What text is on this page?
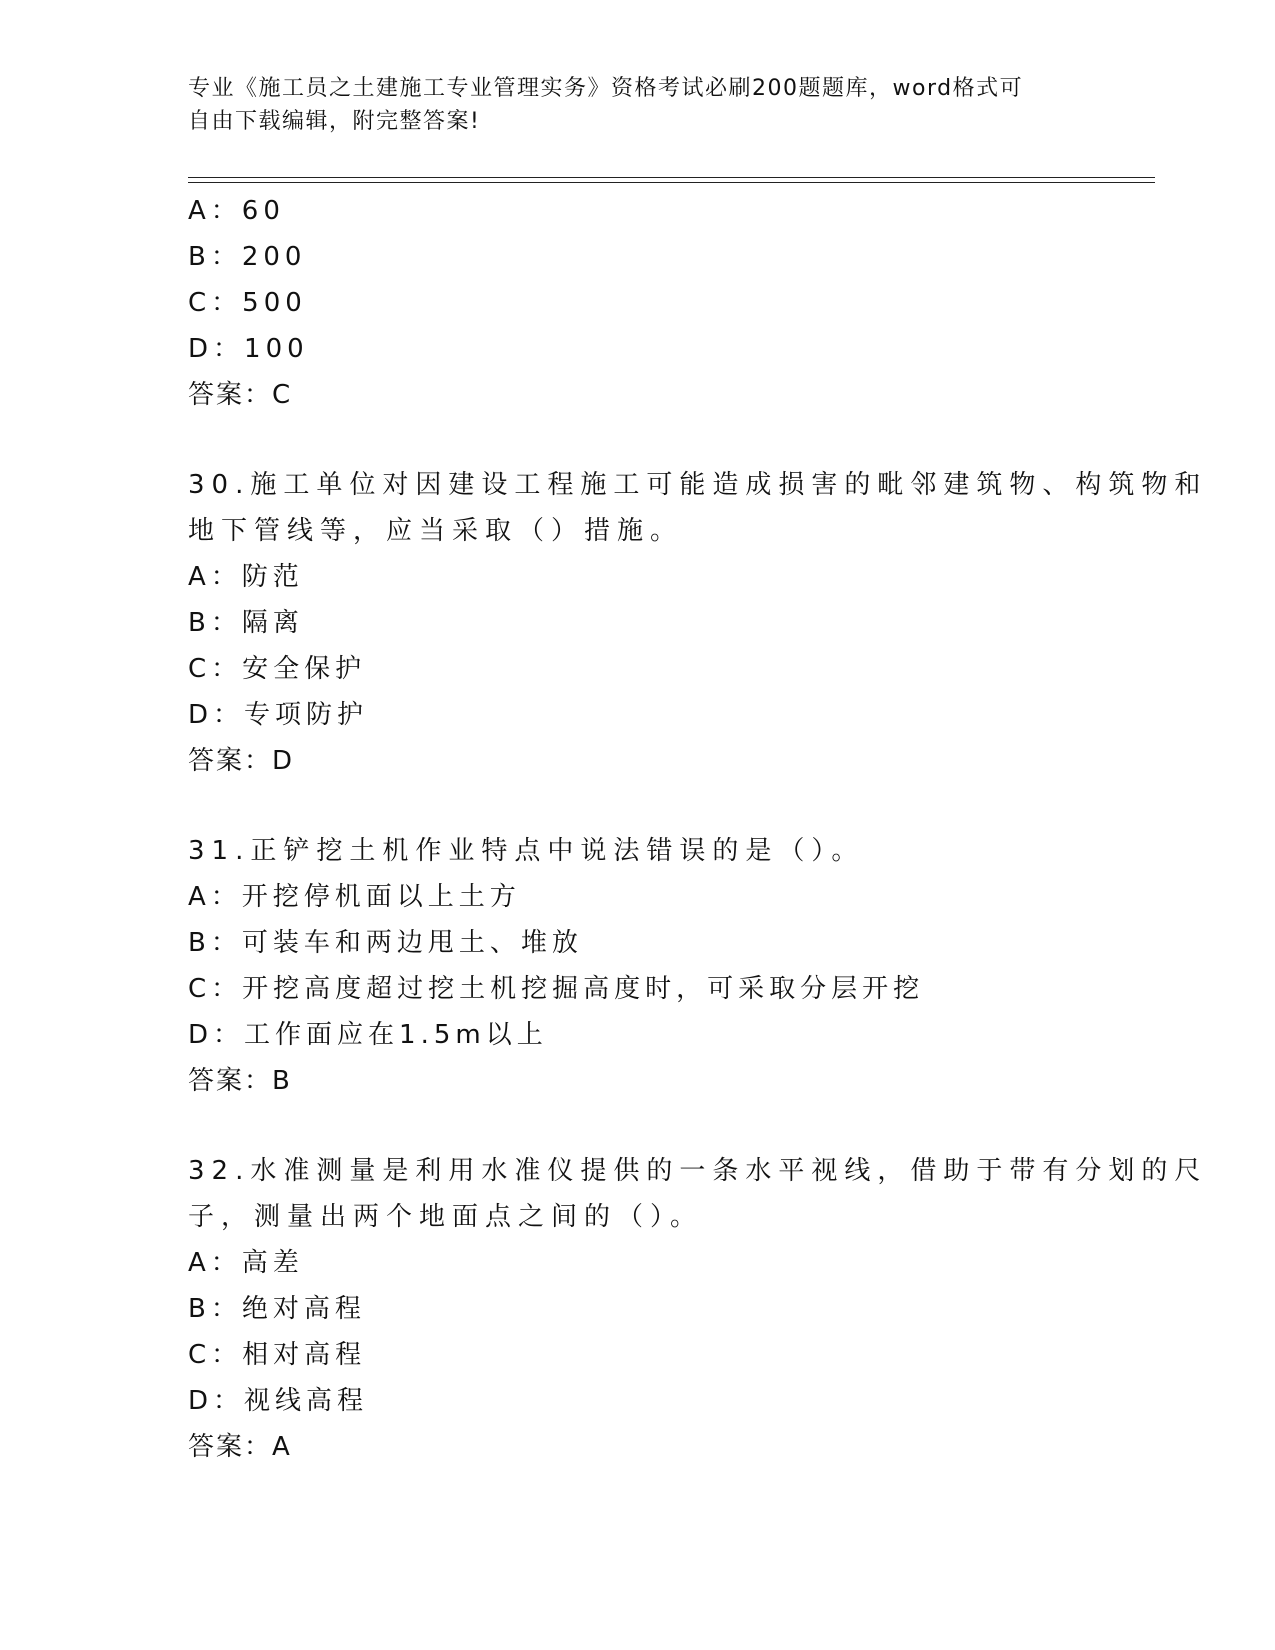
专业《施工员之土建施工专业管理实务》资格考试必刷200题题库，word格式可
自由下载编辑，附完整答案!
A：60
B：200
C：500
D：100
答案：C
30.施工单位对因建设工程施工可能造成损害的毗邻建筑物、构筑物和
地下管线等，应当采取（）措施。
A：防范
B：隔离
C：安全保护
D：专项防护
答案：D
31.正铲挖土机作业特点中说法错误的是（）。
A：开挖停机面以上土方
B：可装车和两边甩土、堆放
C：开挖高度超过挖土机挖掘高度时，可采取分层开挖
D：工作面应在1.5m以上
答案：B
32.水准测量是利用水准仪提供的一条水平视线，借助于带有分划的尺
子，测量出两个地面点之间的（）。
A：高差
B：绝对高程
C：相对高程
D：视线高程
答案：A
